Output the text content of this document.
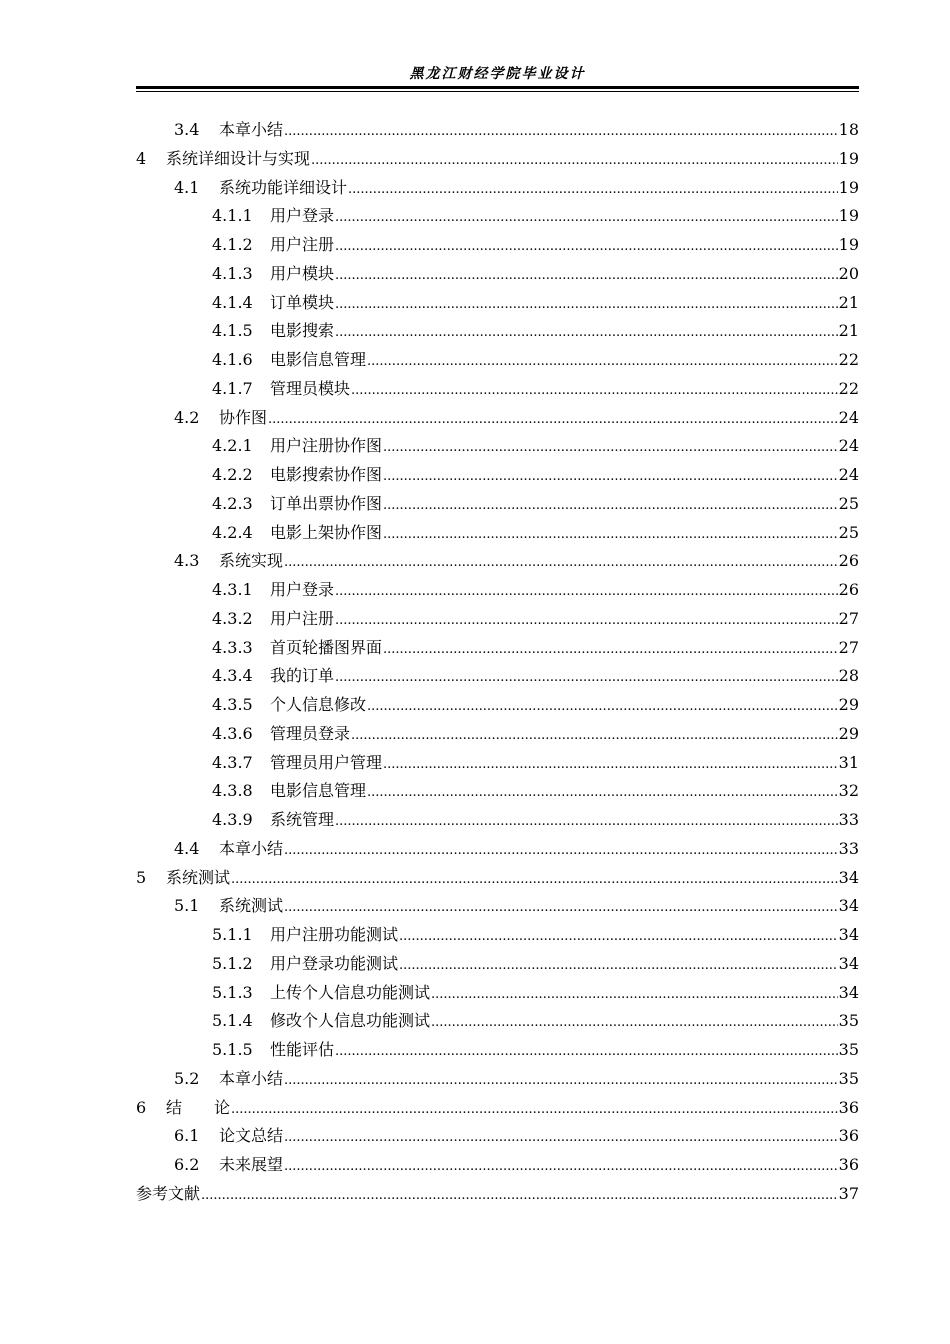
黑龙江财经学院毕业设计
3.4	本章小结 .....	18
4	系统详细设计与实现 .....	19
4.1	系统功能详细设计 .....	19
4.1.1	用户登录 .....	19
4.1.2	用户注册 .....	19
4.1.3	用户模块 .....	20
4.1.4	订单模块 .....	21
4.1.5	电影搜索 .....	21
4.1.6	电影信息管理 .....	22
4.1.7	管理员模块 .....	22
4.2	协作图 .....	24
4.2.1	用户注册协作图 .....	24
4.2.2	电影搜索协作图 .....	24
4.2.3	订单出票协作图 .....	25
4.2.4	电影上架协作图 .....	25
4.3	系统实现 .....	26
4.3.1	用户登录 .....	26
4.3.2	用户注册 .....	27
4.3.3	首页轮播图界面 .....	27
4.3.4	我的订单 .....	28
4.3.5	个人信息修改 .....	29
4.3.6	管理员登录 .....	29
4.3.7	管理员用户管理 .....	31
4.3.8	电影信息管理 .....	32
4.3.9	系统管理 .....	33
4.4	本章小结 .....	33
5	系统测试 .....	34
5.1	系统测试 .....	34
5.1.1	用户注册功能测试 .....	34
5.1.2	用户登录功能测试 .....	34
5.1.3	上传个人信息功能测试 .....	34
5.1.4	修改个人信息功能测试 .....	35
5.1.5	性能评估 .....	35
5.2	本章小结 .....	35
6	结　　论 .....	36
6.1	论文总结 .....	36
6.2	未来展望 .....	36
参考文献 .....	37
